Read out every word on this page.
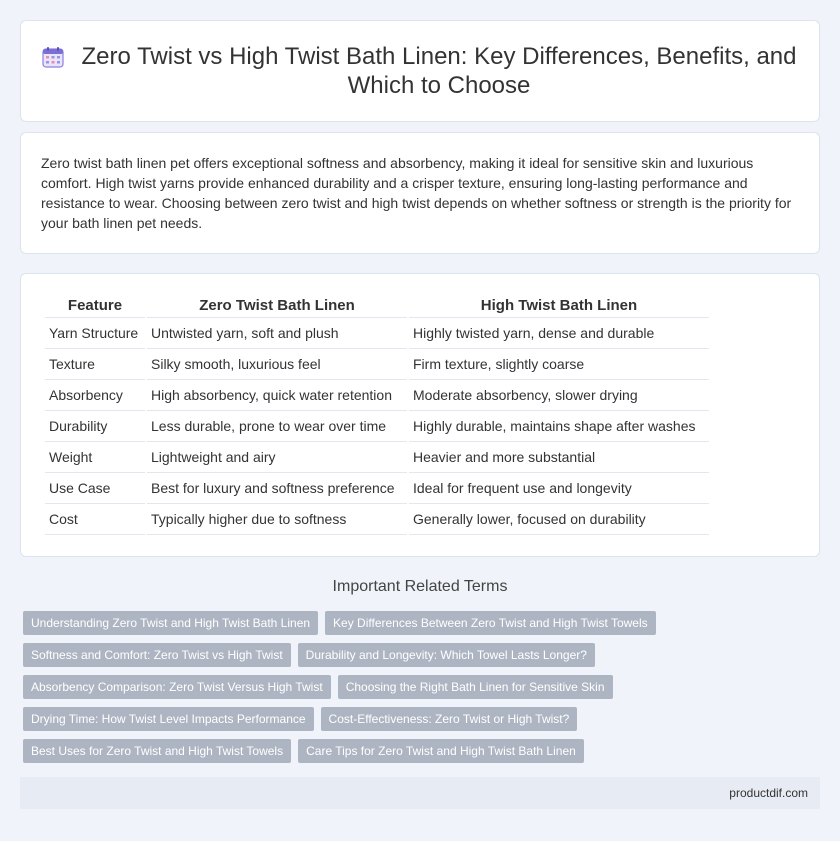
Zero Twist vs High Twist Bath Linen: Key Differences, Benefits, and Which to Choose

Zero twist bath linen pet offers exceptional softness and absorbency, making it ideal for sensitive skin and luxurious comfort. High twist yarns provide enhanced durability and a crisper texture, ensuring long-lasting performance and resistance to wear. Choosing between zero twist and high twist depends on whether softness or strength is the priority for your bath linen pet needs.

Feature	Zero Twist Bath Linen	High Twist Bath Linen
Yarn Structure	Untwisted yarn, soft and plush	Highly twisted yarn, dense and durable
Texture	Silky smooth, luxurious feel	Firm texture, slightly coarse
Absorbency	High absorbency, quick water retention	Moderate absorbency, slower drying
Durability	Less durable, prone to wear over time	Highly durable, maintains shape after washes
Weight	Lightweight and airy	Heavier and more substantial
Use Case	Best for luxury and softness preference	Ideal for frequent use and longevity
Cost	Typically higher due to softness	Generally lower, focused on durability
Important Related Terms
Understanding Zero Twist and High Twist Bath Linen	Key Differences Between Zero Twist and High Twist Towels
Softness and Comfort: Zero Twist vs High Twist	Durability and Longevity: Which Towel Lasts Longer?
Absorbency Comparison: Zero Twist Versus High Twist	Choosing the Right Bath Linen for Sensitive Skin
Drying Time: How Twist Level Impacts Performance	Cost-Effectiveness: Zero Twist or High Twist?
Best Uses for Zero Twist and High Twist Towels	Care Tips for Zero Twist and High Twist Bath Linen
productdif.com
